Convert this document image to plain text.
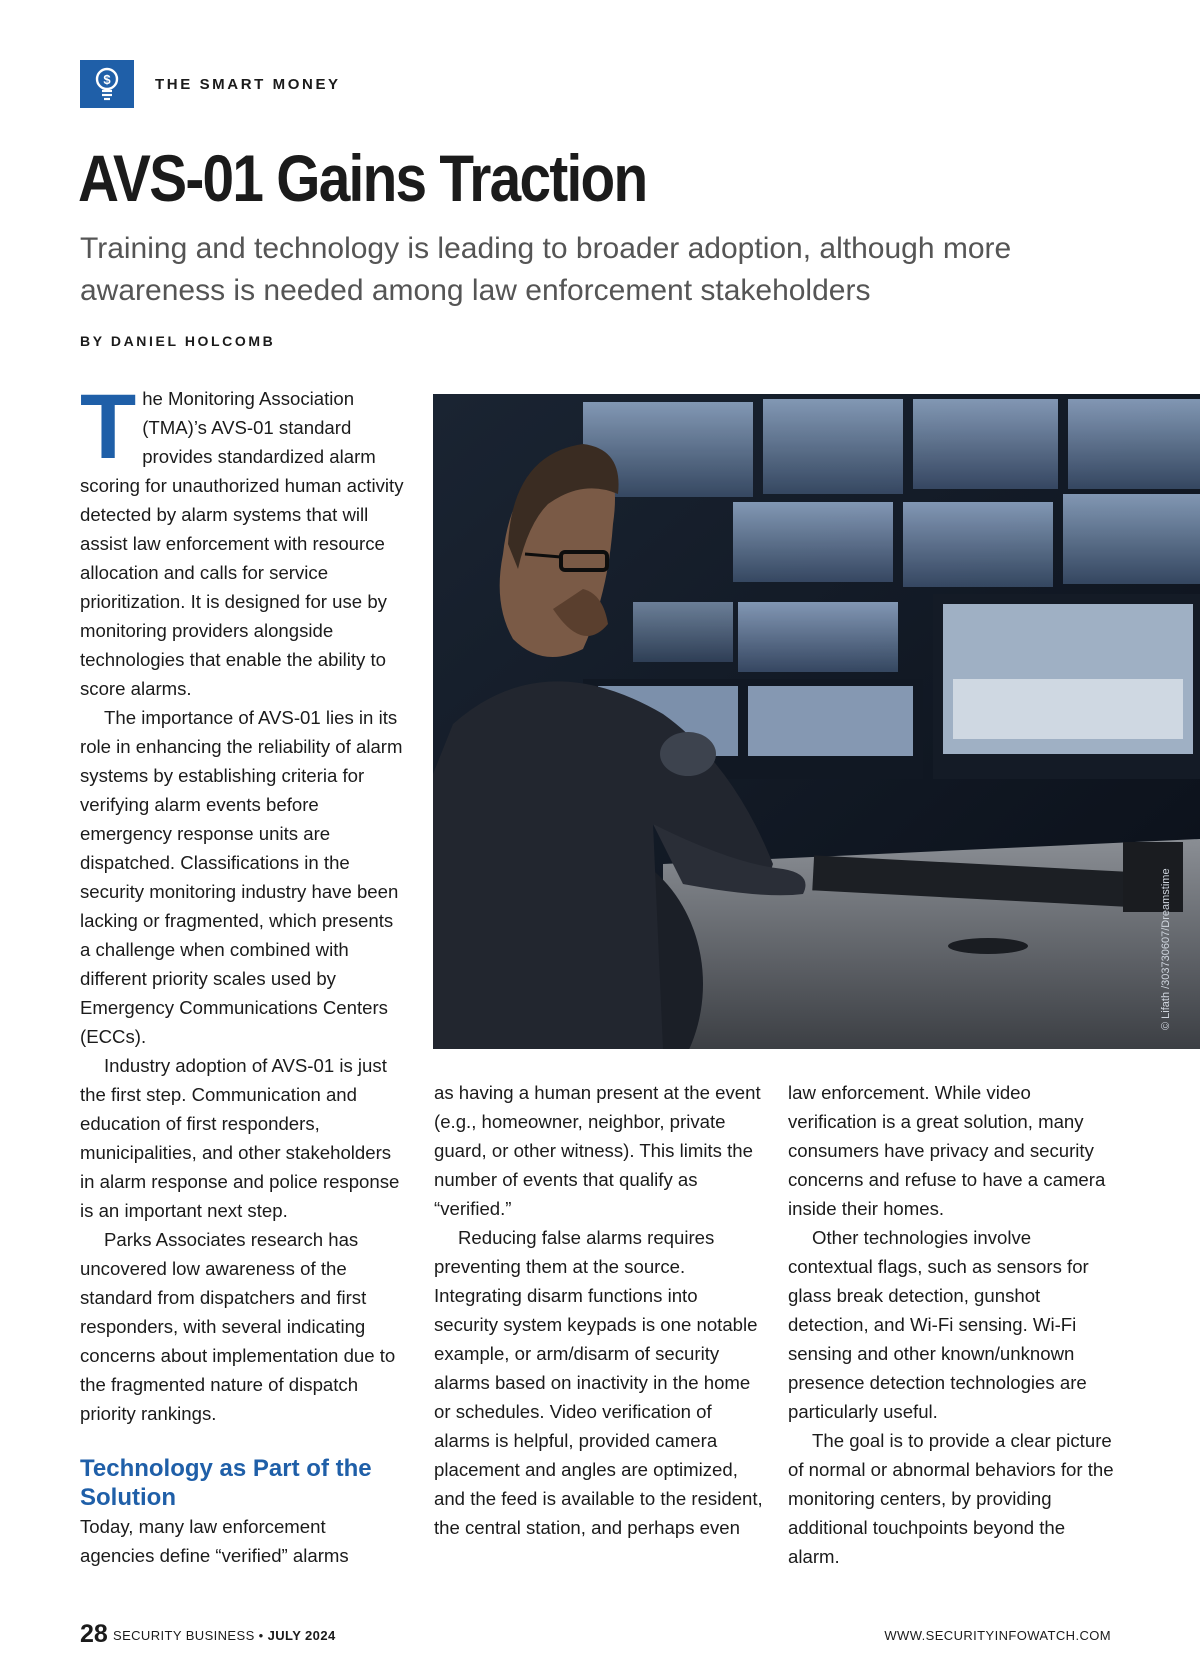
$	THE SMART MONEY
AVS-01 Gains Traction

Training and technology is leading to broader adoption, although more awareness is needed among law enforcement stakeholders

BY DANIEL HOLCOMB

The Monitoring Association (TMA)’s AVS-01 standard provides standardized alarm scoring for unauthorized human activity detected by alarm systems that will assist law enforcement with resource allocation and calls for service prioritization. It is designed for use by monitoring providers alongside technologies that enable the ability to score alarms.

The importance of AVS-01 lies in its role in enhancing the reliability of alarm systems by establishing criteria for verifying alarm events before emergency response units are dispatched. Classifications in the security monitoring industry have been lacking or fragmented, which presents a challenge when combined with different priority scales used by Emergency Communications Centers (ECCs).

Industry adoption of AVS-01 is just the first step. Communication and education of first responders, municipalities, and other stakeholders in alarm response and police response is an important next step.

Parks Associates research has uncovered low awareness of the standard from dispatchers and first responders, with several indicating concerns about implementation due to the fragmented nature of dispatch priority rankings.

Technology as Part of the Solution

Today, many law enforcement agencies define “verified” alarms

© Lifath /303730607/Dreamstime

as having a human present at the event (e.g., homeowner, neighbor, private guard, or other witness). This limits the number of events that qualify as “verified.”

Reducing false alarms requires preventing them at the source. Integrating disarm functions into security system keypads is one notable example, or arm/disarm of security alarms based on inactivity in the home or schedules. Video verification of alarms is helpful, provided camera placement and angles are optimized, and the feed is available to the resident, the central station, and perhaps even

law enforcement. While video verification is a great solution, many consumers have privacy and security concerns and refuse to have a camera inside their homes.

Other technologies involve contextual flags, such as sensors for glass break detection, gunshot detection, and Wi-Fi sensing. Wi-Fi sensing and other known/unknown presence detection technologies are particularly useful.

The goal is to provide a clear picture of normal or abnormal behaviors for the monitoring centers, by providing additional touchpoints beyond the alarm.

28 SECURITY BUSINESS • JULY 2024	WWW.SECURITYINFOWATCH.COM
